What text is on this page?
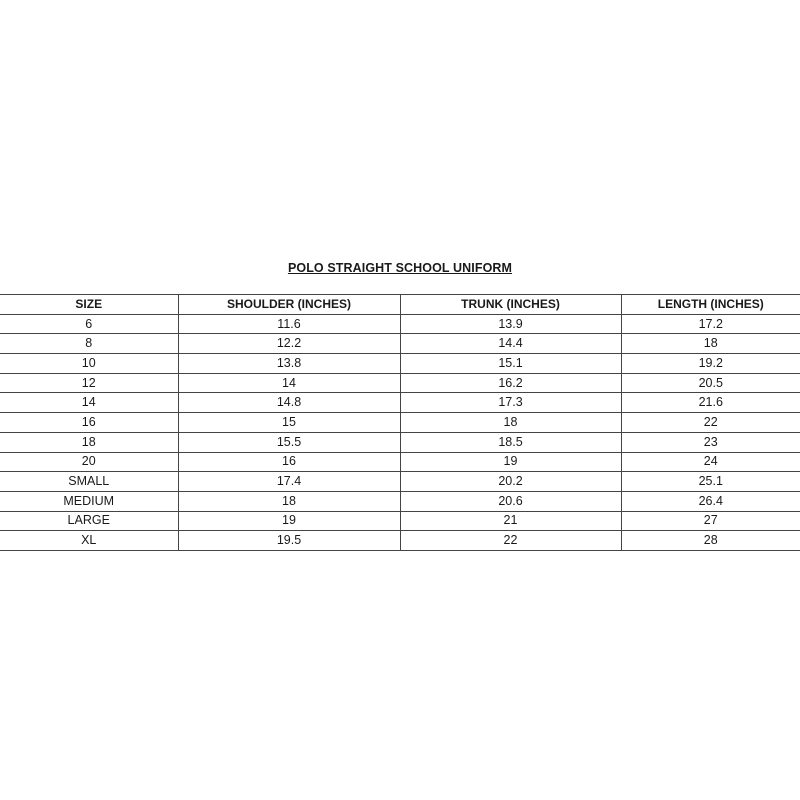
POLO STRAIGHT SCHOOL UNIFORM
SIZE	SHOULDER (INCHES)	TRUNK (INCHES)	LENGTH (INCHES)
6	11.6	13.9	17.2
8	12.2	14.4	18
10	13.8	15.1	19.2
12	14	16.2	20.5
14	14.8	17.3	21.6
16	15	18	22
18	15.5	18.5	23
20	16	19	24
SMALL	17.4	20.2	25.1
MEDIUM	18	20.6	26.4
LARGE	19	21	27
XL	19.5	22	28
